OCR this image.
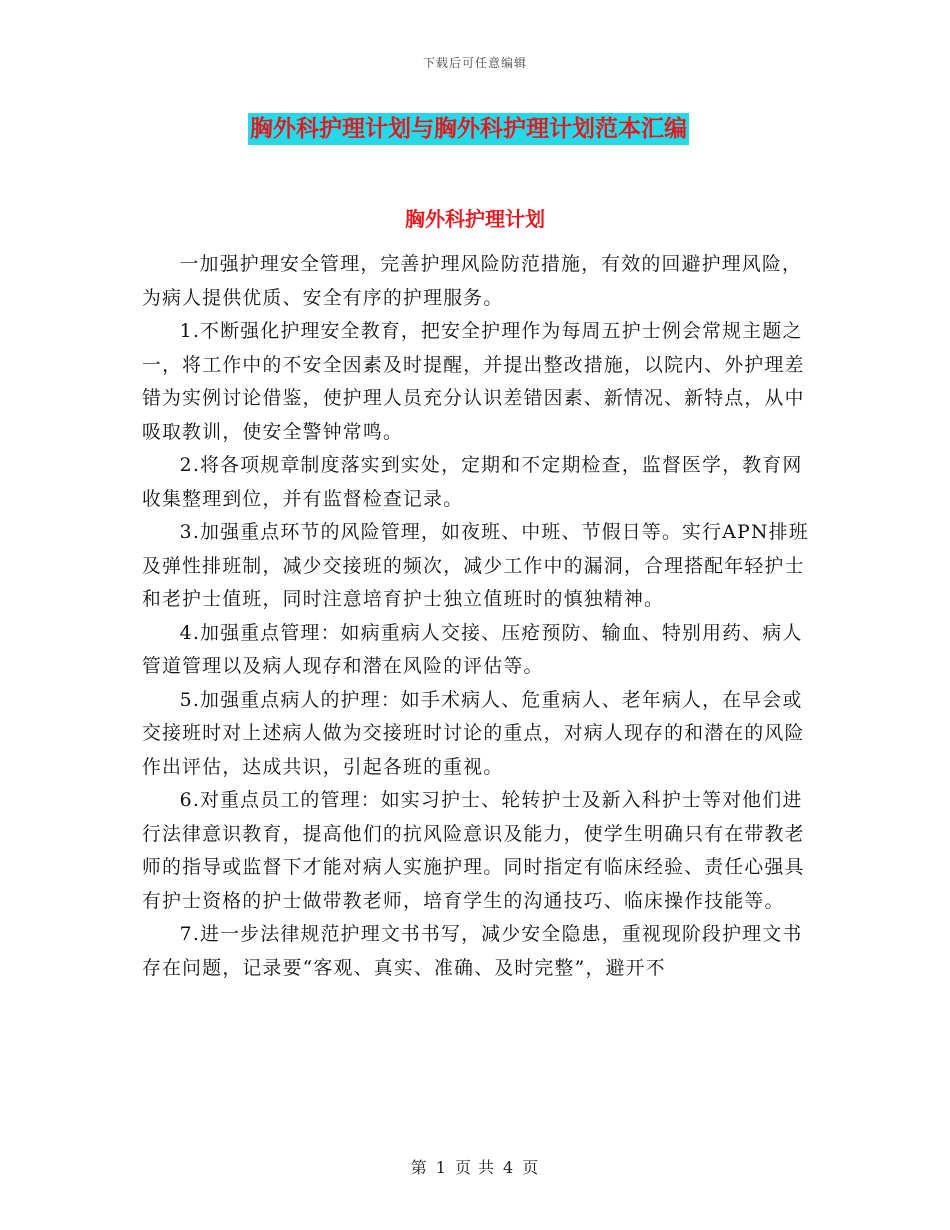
下载后可任意编辑
胸外科护理计划与胸外科护理计划范本汇编
胸外科护理计划

一加强护理安全管理，完善护理风险防范措施，有效的回避护理风险，为病人提供优质、安全有序的护理服务。

1.不断强化护理安全教育，把安全护理作为每周五护士例会常规主题之一，将工作中的不安全因素及时提醒，并提出整改措施，以院内、外护理差错为实例讨论借鉴，使护理人员充分认识差错因素、新情况、新特点，从中吸取教训，使安全警钟常鸣。

2.将各项规章制度落实到实处，定期和不定期检查，监督医学，教育网收集整理到位，并有监督检查记录。

3.加强重点环节的风险管理，如夜班、中班、节假日等。实行APN排班及弹性排班制，减少交接班的频次，减少工作中的漏洞，合理搭配年轻护士和老护士值班，同时注意培育护士独立值班时的慎独精神。

4.加强重点管理：如病重病人交接、压疮预防、输血、特别用药、病人管道管理以及病人现存和潜在风险的评估等。

5.加强重点病人的护理：如手术病人、危重病人、老年病人，在早会或交接班时对上述病人做为交接班时讨论的重点，对病人现存的和潜在的风险作出评估，达成共识，引起各班的重视。

6.对重点员工的管理：如实习护士、轮转护士及新入科护士等对他们进行法律意识教育，提高他们的抗风险意识及能力，使学生明确只有在带教老师的指导或监督下才能对病人实施护理。同时指定有临床经验、责任心强具有护士资格的护士做带教老师，培育学生的沟通技巧、临床操作技能等。

7.进一步法律规范护理文书书写，减少安全隐患，重视现阶段护理文书存在问题，记录要“客观、真实、准确、及时完整”，避开不

第 1 页 共 4 页
